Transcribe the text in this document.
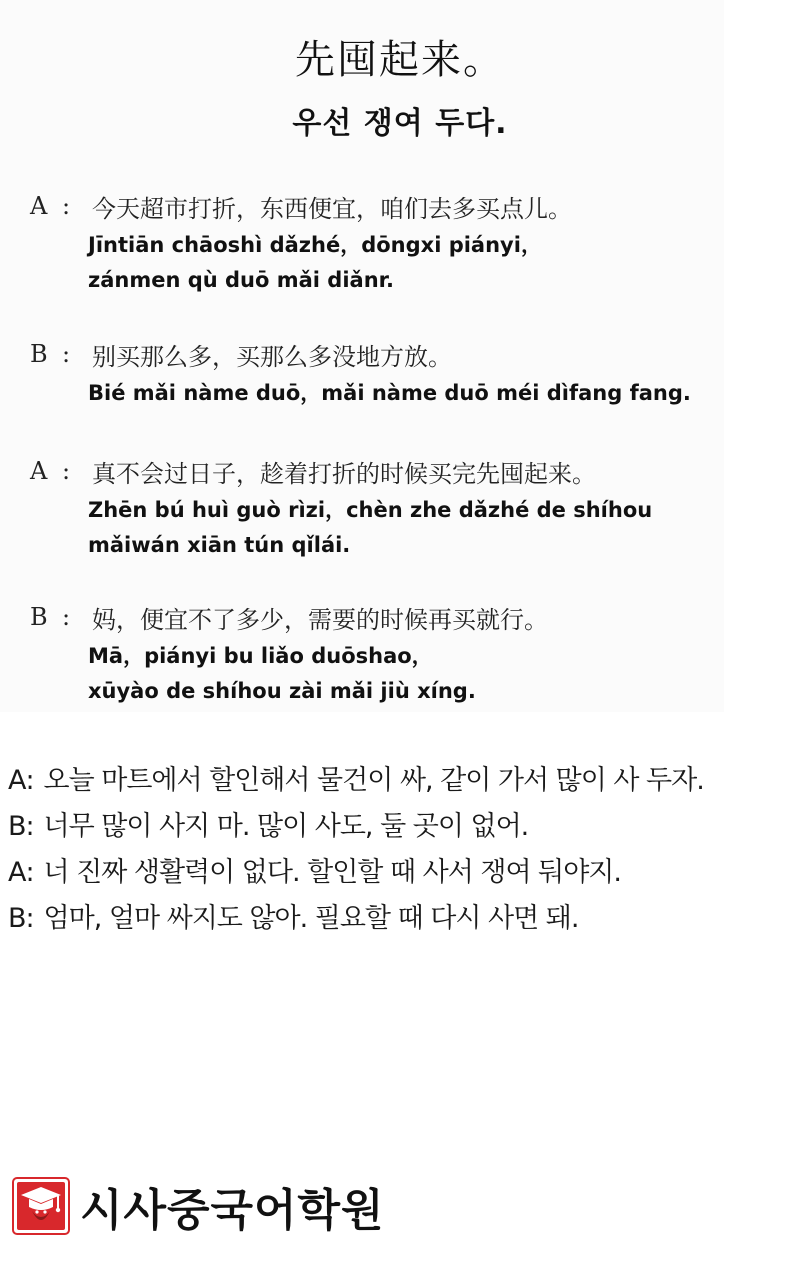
先囤起来。
우선 쟁여 두다.
A : 今天超市打折，东西便宜，咱们去多买点儿。
Jīntiān chāoshì dǎzhé，dōngxi piányi，
zánmen qù duō mǎi diǎnr.
B : 别买那么多，买那么多没地方放。
Bié mǎi nàme duō，mǎi nàme duō méi dìfang fang.
A : 真不会过日子，趁着打折的时候买完先囤起来。
Zhēn bú huì guò rìzi，chèn zhe dǎzhé de shíhou
mǎiwán xiān tún qǐlái.
B : 妈，便宜不了多少，需要的时候再买就行。
Mā，piányi bu liǎo duōshao，
xūyào de shíhou zài mǎi jiù xíng.
A : 오늘 마트에서 할인해서 물건이 싸, 같이 가서 많이 사 두자.
B : 너무 많이 사지 마. 많이 사도, 둘 곳이 없어.
A : 너 진짜 생활력이 없다. 할인할 때 사서 쟁여 둬야지.
B : 엄마, 얼마 싸지도 않아. 필요할 때 다시 사면 돼.
시사중국어학원
